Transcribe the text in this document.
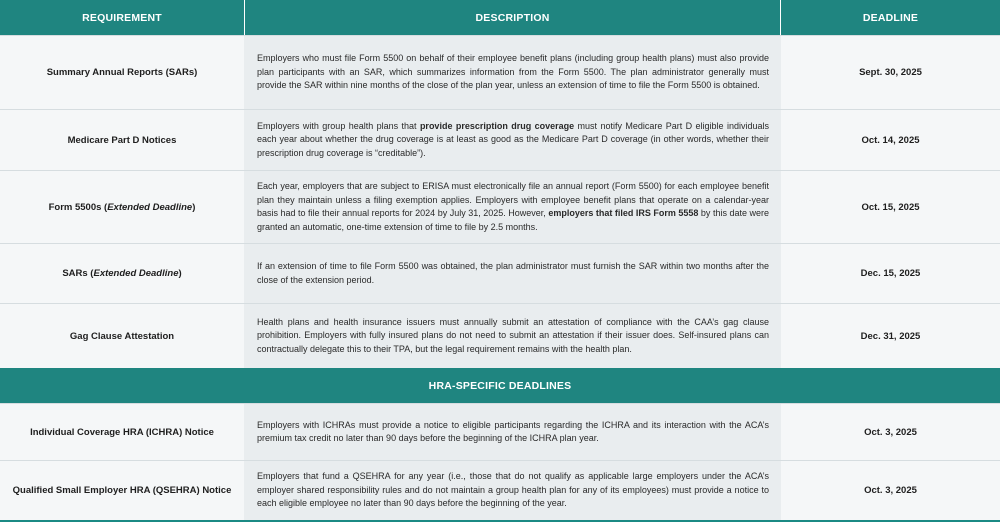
REQUIREMENT	DESCRIPTION	DEADLINE
Summary Annual Reports (SARs)
Employers who must file Form 5500 on behalf of their employee benefit plans (including group health plans) must also provide plan participants with an SAR, which summarizes information from the Form 5500. The plan administrator generally must provide the SAR within nine months of the close of the plan year, unless an extension of time to file the Form 5500 is obtained.
Sept. 30, 2025
Medicare Part D Notices
Employers with group health plans that provide prescription drug coverage must notify Medicare Part D eligible individuals each year about whether the drug coverage is at least as good as the Medicare Part D coverage (in other words, whether their prescription drug coverage is “creditable”).
Oct. 14, 2025
Form 5500s (Extended Deadline)
Each year, employers that are subject to ERISA must electronically file an annual report (Form 5500) for each employee benefit plan they maintain unless a filing exemption applies. Employers with employee benefit plans that operate on a calendar-year basis had to file their annual reports for 2024 by July 31, 2025. However, employers that filed IRS Form 5558 by this date were granted an automatic, one-time extension of time to file by 2.5 months.
Oct. 15, 2025
SARs (Extended Deadline)
If an extension of time to file Form 5500 was obtained, the plan administrator must furnish the SAR within two months after the close of the extension period.
Dec. 15, 2025
Gag Clause Attestation
Health plans and health insurance issuers must annually submit an attestation of compliance with the CAA’s gag clause prohibition. Employers with fully insured plans do not need to submit an attestation if their issuer does. Self-insured plans can contractually delegate this to their TPA, but the legal requirement remains with the health plan.
Dec. 31, 2025
HRA-SPECIFIC DEADLINES
Individual Coverage HRA (ICHRA) Notice
Employers with ICHRAs must provide a notice to eligible participants regarding the ICHRA and its interaction with the ACA’s premium tax credit no later than 90 days before the beginning of the ICHRA plan year.
Oct. 3, 2025
Qualified Small Employer HRA (QSEHRA) Notice
Employers that fund a QSEHRA for any year (i.e., those that do not qualify as applicable large employers under the ACA’s employer shared responsibility rules and do not maintain a group health plan for any of its employees) must provide a notice to each eligible employee no later than 90 days before the beginning of the year.
Oct. 3, 2025
